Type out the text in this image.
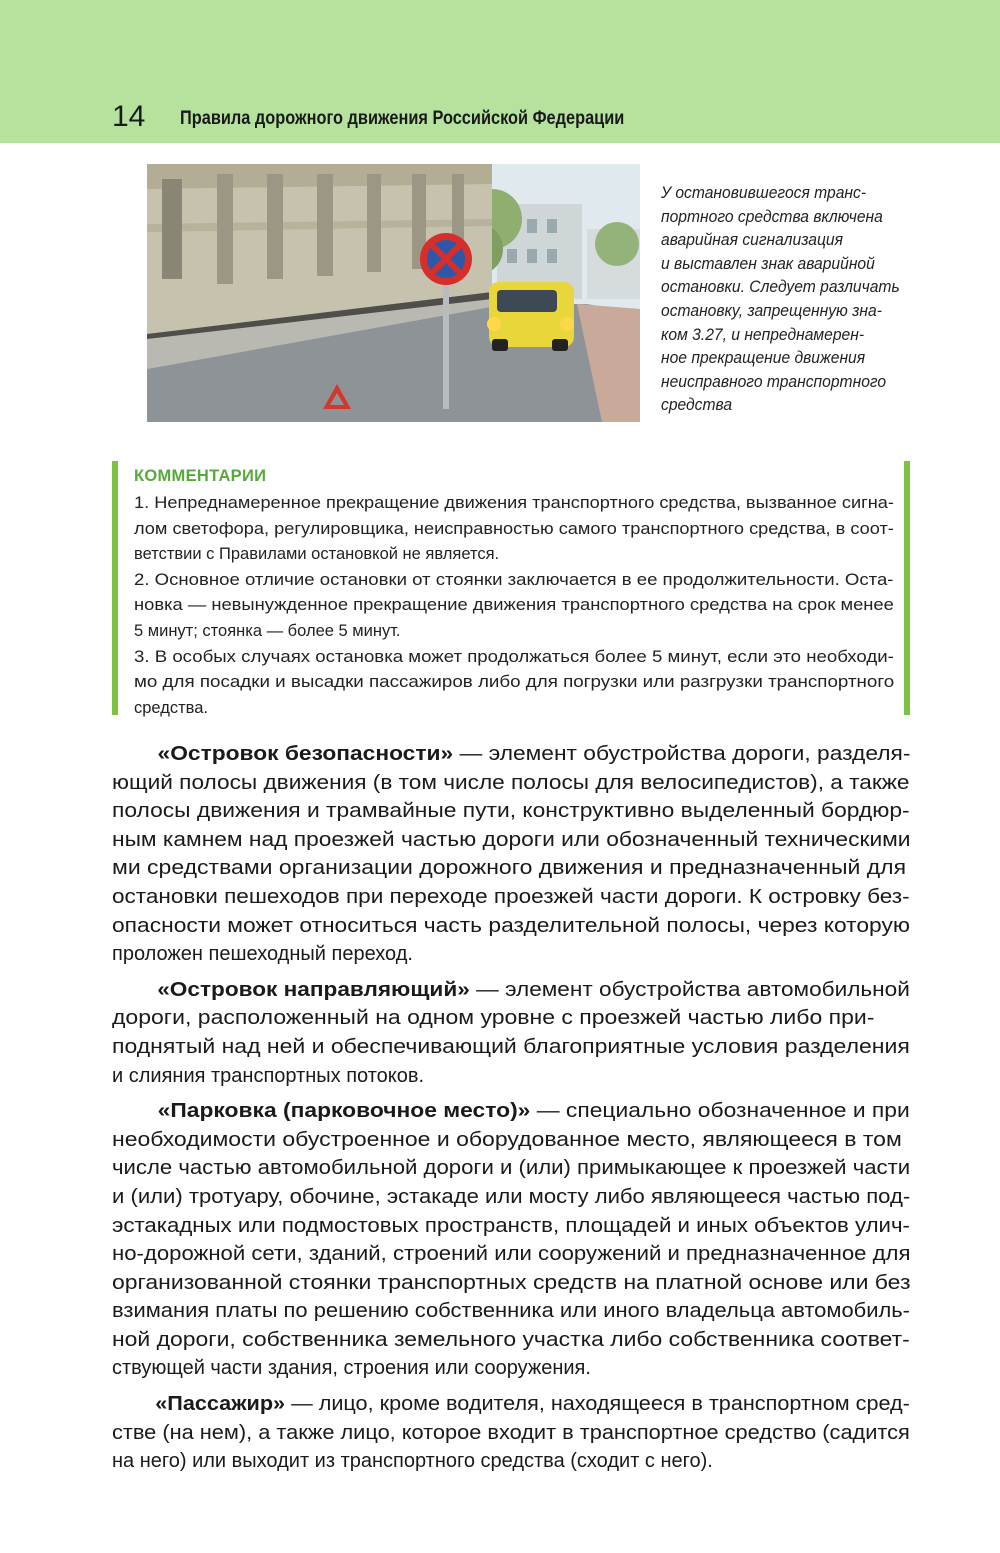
14 Правила дорожного движения Российской Федерации
У остановившегося транс-
портного средства включена
аварийная сигнализация
и выставлен знак аварийной
остановки. Следует различать
остановку, запрещенную зна-
ком 3.27, и непреднамерен-
ное прекращение движения
неисправного транспортного
средства
КОММЕНТАРИИ
1. Непреднамеренное прекращение движения транспортного средства, вызванное сигна-
лом светофора, регулировщика, неисправностью самого транспортного средства, в соот-
ветствии с Правилами остановкой не является.
2. Основное отличие остановки от стоянки заключается в ее продолжительности. Оста-
новка — невынужденное прекращение движения транспортного средства на срок менее
5 минут; стоянка — более 5 минут.
3. В особых случаях остановка может продолжаться более 5 минут, если это необходи-
мо для посадки и высадки пассажиров либо для погрузки или разгрузки транспортного
средства.
«Островок безопасности» — элемент обустройства дороги, разделя-
ющий полосы движения (в том числе полосы для велосипедистов), а также
полосы движения и трамвайные пути, конструктивно выделенный бордюр-
ным камнем над проезжей частью дороги или обозначенный техническими
ми средствами организации дорожного движения и предназначенный для
остановки пешеходов при переходе проезжей части дороги. К островку без-
опасности может относиться часть разделительной полосы, через которую
проложен пешеходный переход.
«Островок направляющий» — элемент обустройства автомобильной
дороги, расположенный на одном уровне с проезжей частью либо при-
поднятый над ней и обеспечивающий благоприятные условия разделения
и слияния транспортных потоков.
«Парковка (парковочное место)» — специально обозначенное и при
необходимости обустроенное и оборудованное место, являющееся в том
числе частью автомобильной дороги и (или) примыкающее к проезжей части
и (или) тротуару, обочине, эстакаде или мосту либо являющееся частью под-
эстакадных или подмостовых пространств, площадей и иных объектов улич-
но-дорожной сети, зданий, строений или сооружений и предназначенное для
организованной стоянки транспортных средств на платной основе или без
взимания платы по решению собственника или иного владельца автомобиль-
ной дороги, собственника земельного участка либо собственника соответ-
ствующей части здания, строения или сооружения.
«Пассажир» — лицо, кроме водителя, находящееся в транспортном сред-
стве (на нем), а также лицо, которое входит в транспортное средство (садится
на него) или выходит из транспортного средства (сходит с него).
